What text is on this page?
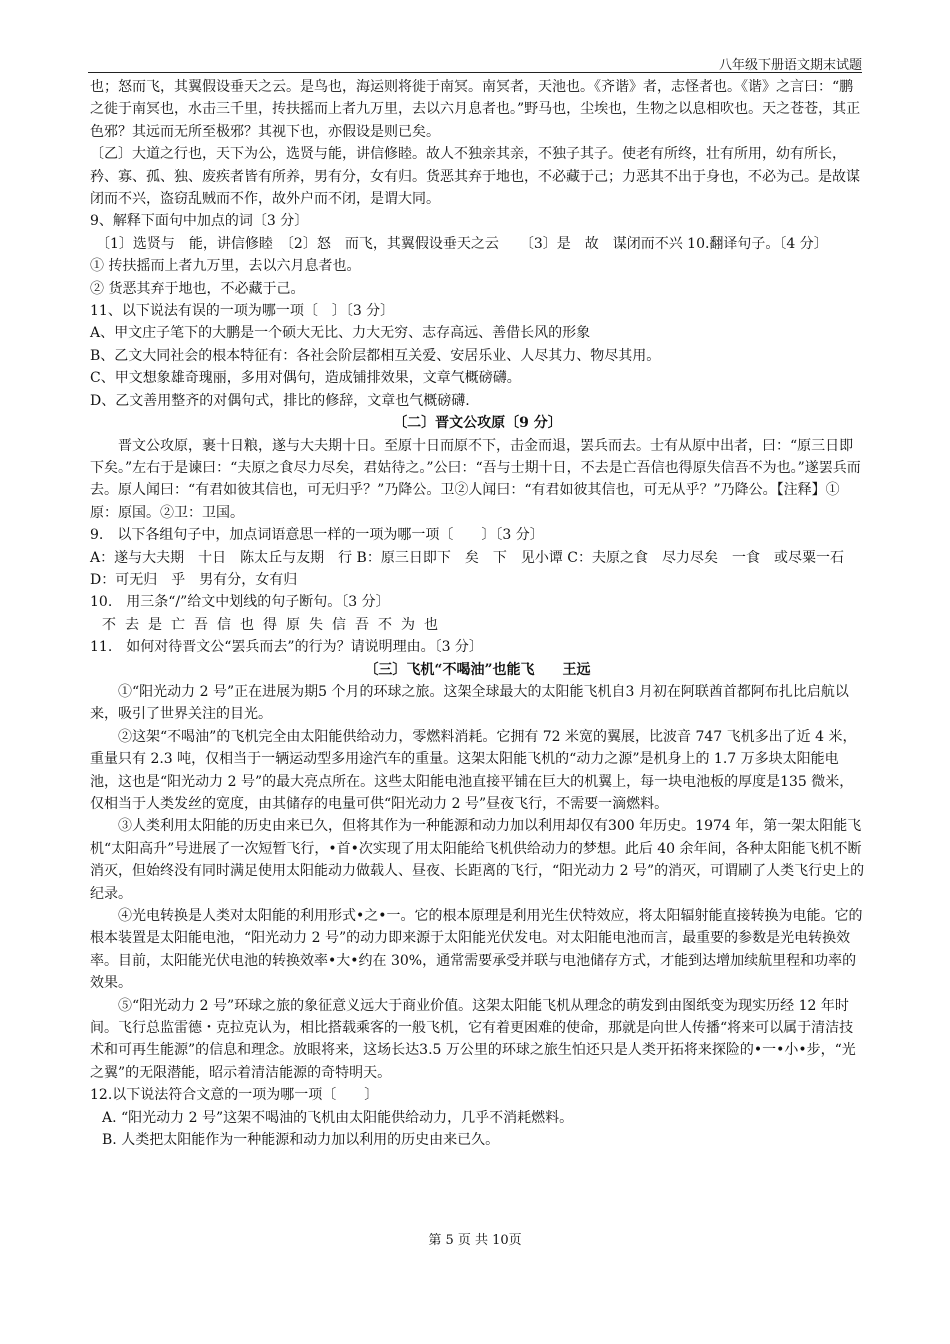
八年级下册语文期末试题

也；怒而飞，其翼假设垂天之云。是鸟也，海运则将徙于南冥。南冥者，天池也。《齐谐》者，志怪者也。《谐》之言曰：“鹏之徙于南冥也，水击三千里，抟扶摇而上者九万里，去以六月息者也。”野马也，尘埃也，生物之以息相吹也。天之苍苍，其正色邪？其远而无所至极邪？其视下也，亦假设是则已矣。

〔乙〕大道之行也，天下为公，选贤与能，讲信修睦。故人不独亲其亲，不独子其子。使老有所终，壮有所用，幼有所长，矜、寡、孤、独、废疾者皆有所养，男有分，女有归。货恶其弃于地也，不必藏于己；力恶其不出于身也，不必为己。是故谋闭而不兴，盗窃乱贼而不作，故外户而不闭，是谓大同。

9、解释下面句中加点的词〔3 分〕

〔1〕选贤与　能，讲信修睦　〔2〕怒　而飞，其翼假设垂天之云　　〔3〕是　故　谋闭而不兴 10.翻译句子。〔4 分〕

① 抟扶摇而上者九万里，去以六月息者也。

② 货恶其弃于地也，不必藏于己。

11、以下说法有误的一项为哪一项〔　〕〔3 分〕

A、甲文庄子笔下的大鹏是一个硕大无比、力大无穷、志存高远、善借长风的形象

B、乙文大同社会的根本特征有：各社会阶层都相互关爱、安居乐业、人尽其力、物尽其用。

C、甲文想象雄奇瑰丽，多用对偶句，造成铺排效果，文章气概磅礴。

D、乙文善用整齐的对偶句式，排比的修辞，文章也气概磅礴.

〔二〕晋文公攻原〔9 分〕

晋文公攻原，裹十日粮，遂与大夫期十日。至原十日而原不下，击金而退，罢兵而去。士有从原中出者，曰：“原三日即下矣。”左右于是谏曰：“夫原之食尽力尽矣，君姑待之。”公曰：“吾与士期十日，不去是亡吾信也得原失信吾不为也。”遂罢兵而去。原人闻曰：“有君如彼其信也，可无归乎？”乃降公。卫②人闻曰：“有君如彼其信也，可无从乎？”乃降公。【注释】①原：原国。②卫：卫国。

9.　以下各组句子中，加点词语意思一样的一项为哪一项〔　　〕〔3 分〕

A：遂与大夫期　十日　陈太丘与友期　行 B：原三日即下　矣　下　见小谭 C：夫原之食　尽力尽矣　一食　或尽粟一石 D：可无归　乎　男有分，女有归

10.　用三条“/”给文中划线的句子断句。〔3 分〕

不去是亡吾信也得原失信吾不为也

11.　如何对待晋文公“罢兵而去”的行为？请说明理由。〔3 分〕

〔三〕飞机“不喝油”也能飞　　王远

①“阳光动力 2 号”正在进展为期5 个月的环球之旅。这架全球最大的太阳能飞机自3 月初在阿联酋首都阿布扎比启航以来，吸引了世界关注的目光。

②这架“不喝油”的飞机完全由太阳能供给动力，零燃料消耗。它拥有 72 米宽的翼展，比波音 747 飞机多出了近 4 米，重量只有 2.3 吨，仅相当于一辆运动型多用途汽车的重量。这架太阳能飞机的“动力之源”是机身上的 1.7 万多块太阳能电池，这也是“阳光动力 2 号”的最大亮点所在。这些太阳能电池直接平铺在巨大的机翼上，每一块电池板的厚度是135 微米，仅相当于人类发丝的宽度，由其储存的电量可供“阳光动力 2 号”昼夜飞行，不需要一滴燃料。

③人类利用太阳能的历史由来已久，但将其作为一种能源和动力加以利用却仅有300 年历史。1974 年，第一架太阳能飞机“太阳高升”号进展了一次短暂飞行，•首•次实现了用太阳能给飞机供给动力的梦想。此后 40 余年间，各种太阳能飞机不断消灭，但始终没有同时满足使用太阳能动力做载人、昼夜、长距离的飞行，“阳光动力 2 号”的消灭，可谓刷了人类飞行史上的纪录。

④光电转换是人类对太阳能的利用形式•之•一。它的根本原理是利用光生伏特效应，将太阳辐射能直接转换为电能。它的根本装置是太阳能电池，“阳光动力 2 号”的动力即来源于太阳能光伏发电。对太阳能电池而言，最重要的参数是光电转换效率。目前，太阳能光伏电池的转换效率•大•约在 30%，通常需要承受并联与电池储存方式，才能到达增加续航里程和功率的效果。

⑤“阳光动力 2 号”环球之旅的象征意义远大于商业价值。这架太阳能飞机从理念的萌发到由图纸变为现实历经 12 年时间。飞行总监雷德・克拉克认为，相比搭载乘客的一般飞机，它有着更困难的使命，那就是向世人传播“将来可以属于清洁技术和可再生能源”的信息和理念。放眼将来，这场长达3.5 万公里的环球之旅生怕还只是人类开拓将来探险的•一•小•步，“光之翼”的无限潜能，昭示着清洁能源的奇特明天。

12.以下说法符合文意的一项为哪一项〔　　〕

A. “阳光动力 2 号”这架不喝油的飞机由太阳能供给动力，几乎不消耗燃料。

B. 人类把太阳能作为一种能源和动力加以利用的历史由来已久。

第 5 页 共 10页
